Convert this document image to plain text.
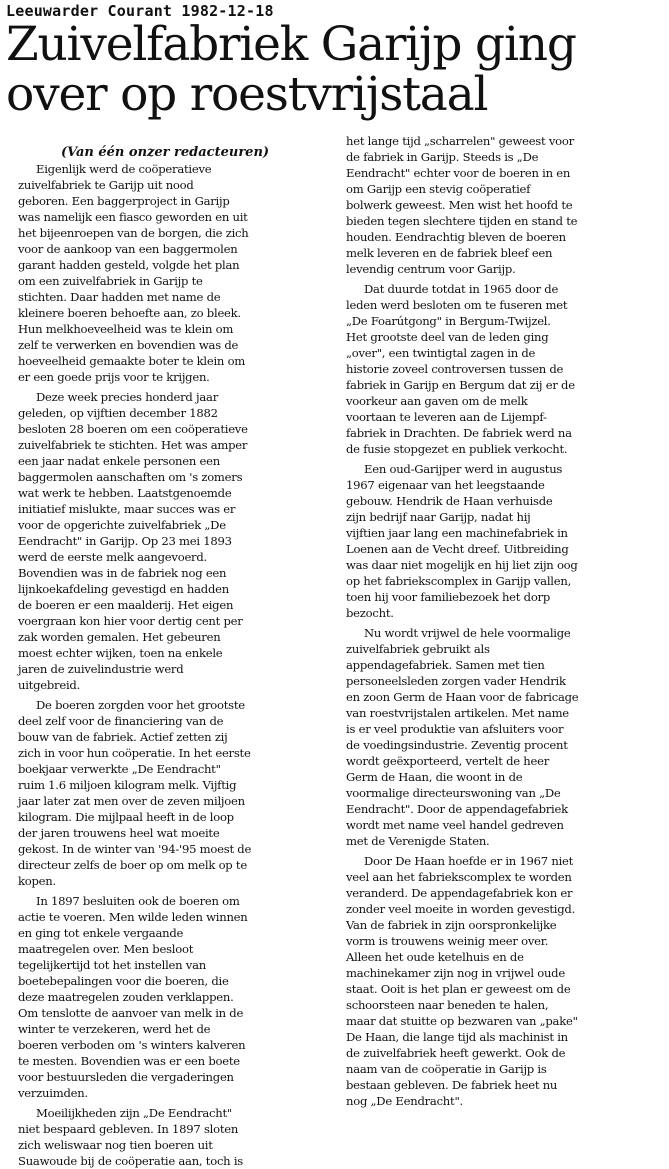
Leeuwarder Courant 1982-12-18
Zuivelfabriek Garijp ging
over op roestvrijstaal
(Van één onzer redacteuren)

Eigenlijk werd de coöperatieve
zuivelfabriek te Garijp uit nood
geboren. Een baggerproject in Garijp
was namelijk een fiasco geworden en uit
het bijeenroepen van de borgen, die zich
voor de aankoop van een baggermolen
garant hadden gesteld, volgde het plan
om een zuivelfabriek in Garijp te
stichten. Daar hadden met name de
kleinere boeren behoefte aan, zo bleek.
Hun melkhoeveelheid was te klein om
zelf te verwerken en bovendien was de
hoeveelheid gemaakte boter te klein om
er een goede prijs voor te krijgen.

Deze week precies honderd jaar
geleden, op vijftien december 1882
besloten 28 boeren om een coöperatieve
zuivelfabriek te stichten. Het was amper
een jaar nadat enkele personen een
baggermolen aanschaften om 's zomers
wat werk te hebben. Laatstgenoemde
initiatief mislukte, maar succes was er
voor de opgerichte zuivelfabriek „De
Eendracht" in Garijp. Op 23 mei 1893
werd de eerste melk aangevoerd.
Bovendien was in de fabriek nog een
lijnkoekafdeling gevestigd en hadden
de boeren er een maalderij. Het eigen
voergraan kon hier voor dertig cent per
zak worden gemalen. Het gebeuren
moest echter wijken, toen na enkele
jaren de zuivelindustrie werd
uitgebreid.

De boeren zorgden voor het grootste
deel zelf voor de financiering van de
bouw van de fabriek. Actief zetten zij
zich in voor hun coöperatie. In het eerste
boekjaar verwerkte „De Eendracht"
ruim 1.6 miljoen kilogram melk. Vijftig
jaar later zat men over de zeven miljoen
kilogram. Die mijlpaal heeft in de loop
der jaren trouwens heel wat moeite
gekost. In de winter van '94-'95 moest de
directeur zelfs de boer op om melk op te
kopen.

In 1897 besluiten ook de boeren om
actie te voeren. Men wilde leden winnen
en ging tot enkele vergaande
maatregelen over. Men besloot
tegelijkertijd tot het instellen van
boetebepalingen voor die boeren, die
deze maatregelen zouden verklappen.
Om tenslotte de aanvoer van melk in de
winter te verzekeren, werd het de
boeren verboden om 's winters kalveren
te mesten. Bovendien was er een boete
voor bestuursleden die vergaderingen
verzuimden.

Moeilijkheden zijn „De Eendracht"
niet bespaard gebleven. In 1897 sloten
zich weliswaar nog tien boeren uit
Suawoude bij de coöperatie aan, toch is

het lange tijd „scharrelen" geweest voor
de fabriek in Garijp. Steeds is „De
Eendracht" echter voor de boeren in en
om Garijp een stevig coöperatief
bolwerk geweest. Men wist het hoofd te
bieden tegen slechtere tijden en stand te
houden. Eendrachtig bleven de boeren
melk leveren en de fabriek bleef een
levendig centrum voor Garijp.

Dat duurde totdat in 1965 door de
leden werd besloten om te fuseren met
„De Foarútgong" in Bergum-Twijzel.
Het grootste deel van de leden ging
„over", een twintigtal zagen in de
historie zoveel controversen tussen de
fabriek in Garijp en Bergum dat zij er de
voorkeur aan gaven om de melk
voortaan te leveren aan de Lijempf-
fabriek in Drachten. De fabriek werd na
de fusie stopgezet en publiek verkocht.

Een oud-Garijper werd in augustus
1967 eigenaar van het leegstaande
gebouw. Hendrik de Haan verhuisde
zijn bedrijf naar Garijp, nadat hij
vijftien jaar lang een machinefabriek in
Loenen aan de Vecht dreef. Uitbreiding
was daar niet mogelijk en hij liet zijn oog
op het fabriekscomplex in Garijp vallen,
toen hij voor familiebezoek het dorp
bezocht.

Nu wordt vrijwel de hele voormalige
zuivelfabriek gebruikt als
appendagefabriek. Samen met tien
personeelsleden zorgen vader Hendrik
en zoon Germ de Haan voor de fabricage
van roestvrijstalen artikelen. Met name
is er veel produktie van afsluiters voor
de voedingsindustrie. Zeventig procent
wordt geëxporteerd, vertelt de heer
Germ de Haan, die woont in de
voormalige directeurswoning van „De
Eendracht". Door de appendagefabriek
wordt met name veel handel gedreven
met de Verenigde Staten.

Door De Haan hoefde er in 1967 niet
veel aan het fabriekscomplex te worden
veranderd. De appendagefabriek kon er
zonder veel moeite in worden gevestigd.
Van de fabriek in zijn oorspronkelijke
vorm is trouwens weinig meer over.
Alleen het oude ketelhuis en de
machinekamer zijn nog in vrijwel oude
staat. Ooit is het plan er geweest om de
schoorsteen naar beneden te halen,
maar dat stuitte op bezwaren van „pake"
De Haan, die lange tijd als machinist in
de zuivelfabriek heeft gewerkt. Ook de
naam van de coöperatie in Garijp is
bestaan gebleven. De fabriek heet nu
nog „De Eendracht".
